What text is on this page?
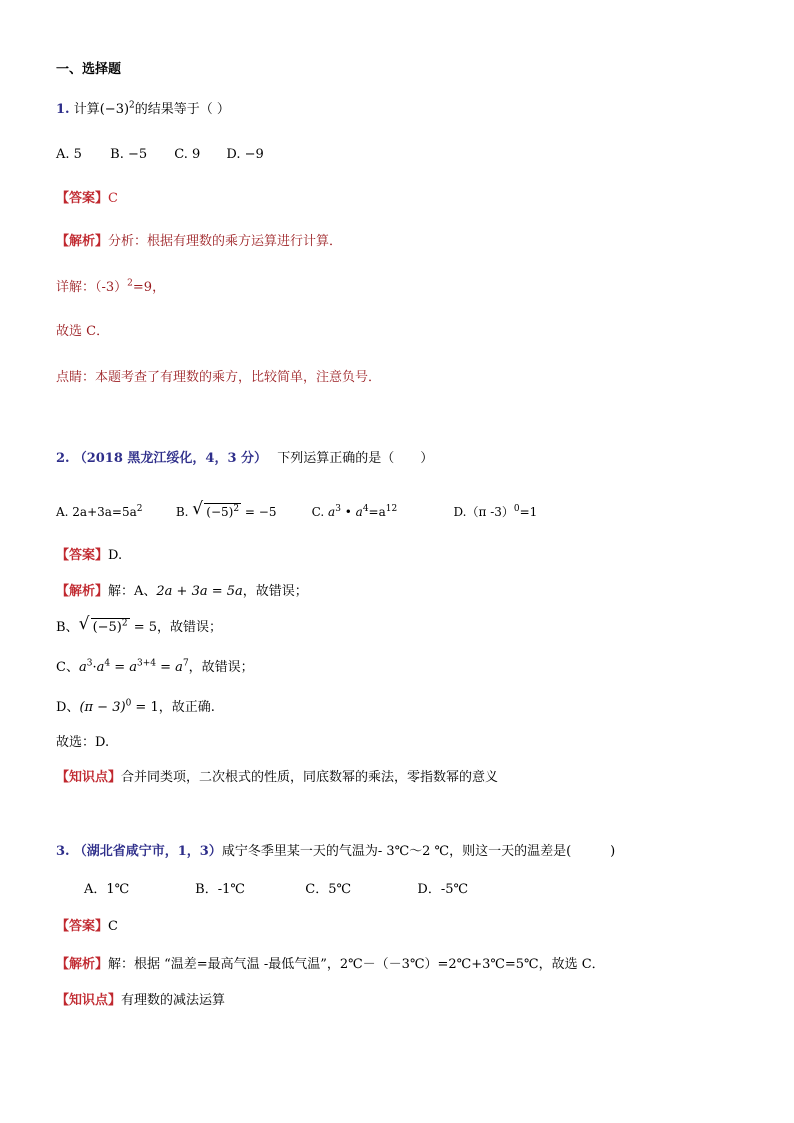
一、选择题
1. 计算$(-3)^2$的结果等于（ ）
A. 5 B. −5 C. 9 D. −9
【答案】C
【解析】分析：根据有理数的乘方运算进行计算．
详解：$(-3)^2=9$，
故选 C．
点睛：本题考查了有理数的乘方，比较简单，注意负号．
2. （2018 黑龙江绥化，4，3 分） 下列运算正确的是（　　）
A. $2a+3a=5a^2$	B. √ $(-5)^2 = -5$	C. $a^3$ • $a^4=a^{12}$	D.（π -3）$^0$=1
【答案】D.
【解析】解：A、2a + 3a = 5a，故错误；
B、 √ $(-5)^2 = 5$，故错误；
C、$a^3\cdot a^4 = a^{3+4} = a^7$，故错误；
D、$(\pi - 3)^0 = 1$，故正确.
故选：D.
【知识点】合并同类项，二次根式的性质，同底数幂的乘法，零指数幂的意义
3. （湖北省咸宁市，1，3）咸宁冬季里某一天的气温为- 3℃～2 ℃，则这一天的温差是(　　　)
A．1℃	B．-1℃	C．5℃	D．-5℃
【答案】C
【解析】解：根据 “温差=最高气温 -最低气温”，2℃－（－3℃）=2℃+3℃=5℃，故选 C．
【知识点】有理数的减法运算
